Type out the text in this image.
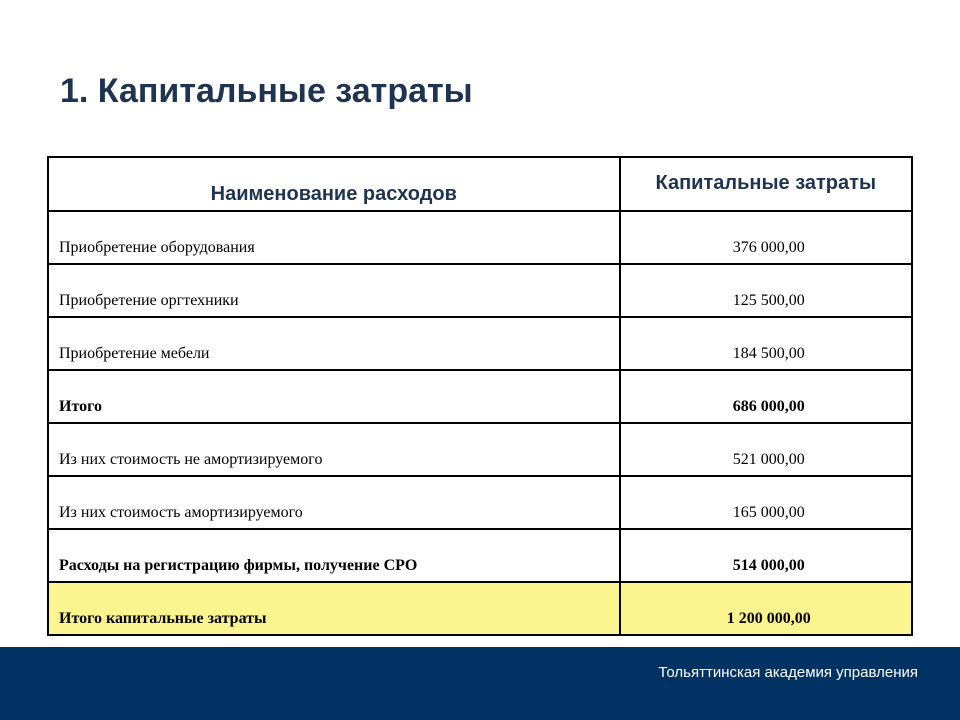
1. Капитальные затраты
Наименование расходов	Капитальные затраты
Приобретение оборудования	376 000,00
Приобретение оргтехники	125 500,00
Приобретение мебели	184 500,00
Итого	686 000,00
Из них стоимость не амортизируемого	521 000,00
Из них стоимость амортизируемого	165 000,00
Расходы на регистрацию фирмы, получение СРО	514 000,00
Итого капитальные затраты	1 200 000,00
Тольяттинская академия управления
